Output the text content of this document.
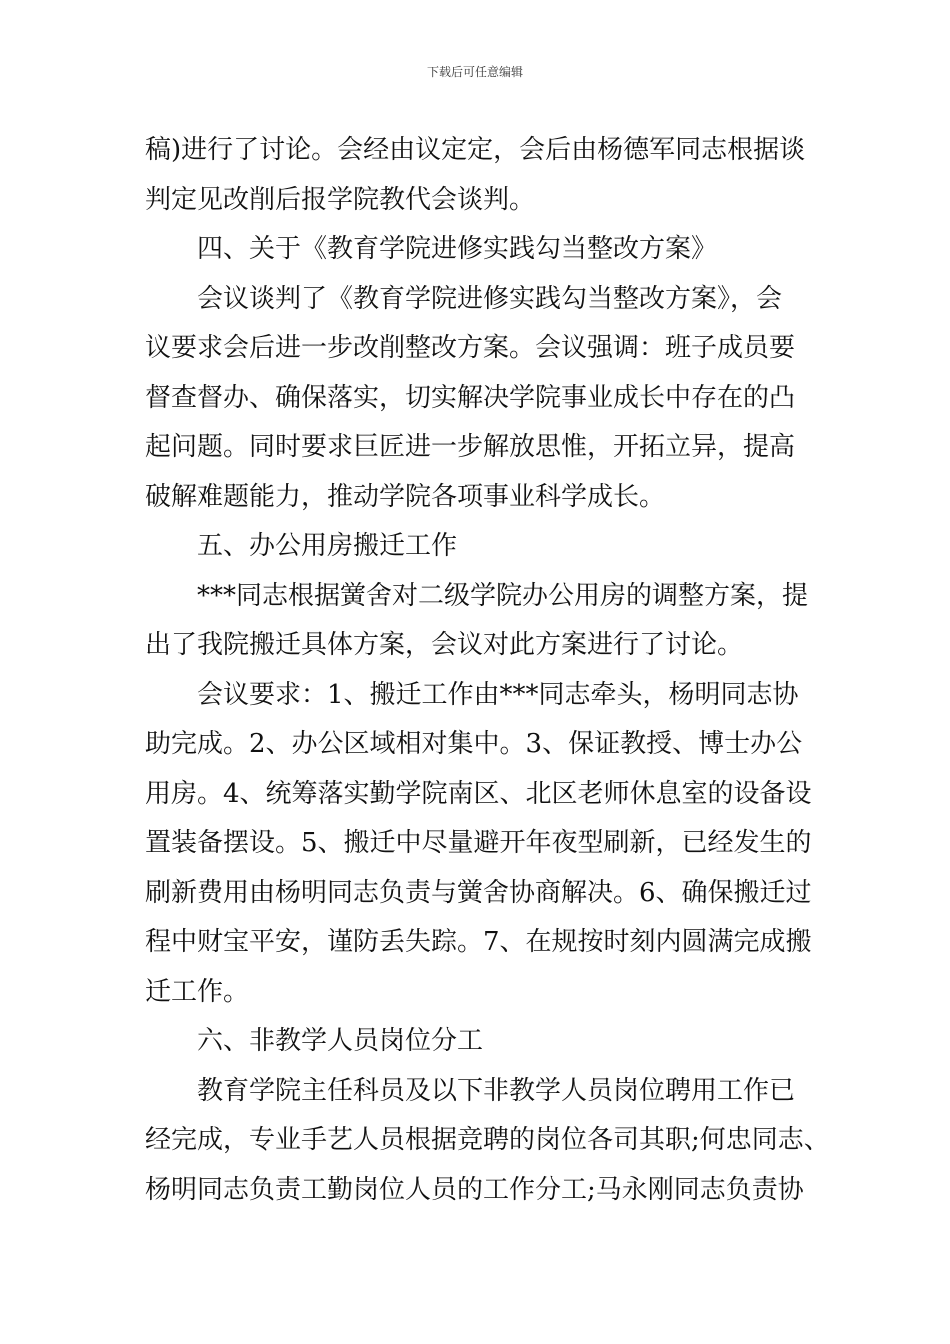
下载后可任意编辑
稿)进行了讨论。会经由议定定，会后由杨德军同志根据谈
判定见改削后报学院教代会谈判。
四、关于《教育学院进修实践勾当整改方案》
会议谈判了《教育学院进修实践勾当整改方案》，会
议要求会后进一步改削整改方案。会议强调：班子成员要
督查督办、确保落实，切实解决学院事业成长中存在的凸
起问题。同时要求巨匠进一步解放思惟，开拓立异，提高
破解难题能力，推动学院各项事业科学成长。
五、办公用房搬迁工作
***同志根据黉舍对二级学院办公用房的调整方案，提
出了我院搬迁具体方案，会议对此方案进行了讨论。
会议要求：1、搬迁工作由***同志牵头，杨明同志协
助完成。2、办公区域相对集中。3、保证教授、博士办公
用房。4、统筹落实勤学院南区、北区老师休息室的设备设
置装备摆设。5、搬迁中尽量避开年夜型刷新，已经发生的
刷新费用由杨明同志负责与黉舍协商解决。6、确保搬迁过
程中财宝平安，谨防丢失踪。7、在规按时刻内圆满完成搬
迁工作。
六、非教学人员岗位分工
教育学院主任科员及以下非教学人员岗位聘用工作已
经完成，专业手艺人员根据竞聘的岗位各司其职;何忠同志、
杨明同志负责工勤岗位人员的工作分工;马永刚同志负责协
